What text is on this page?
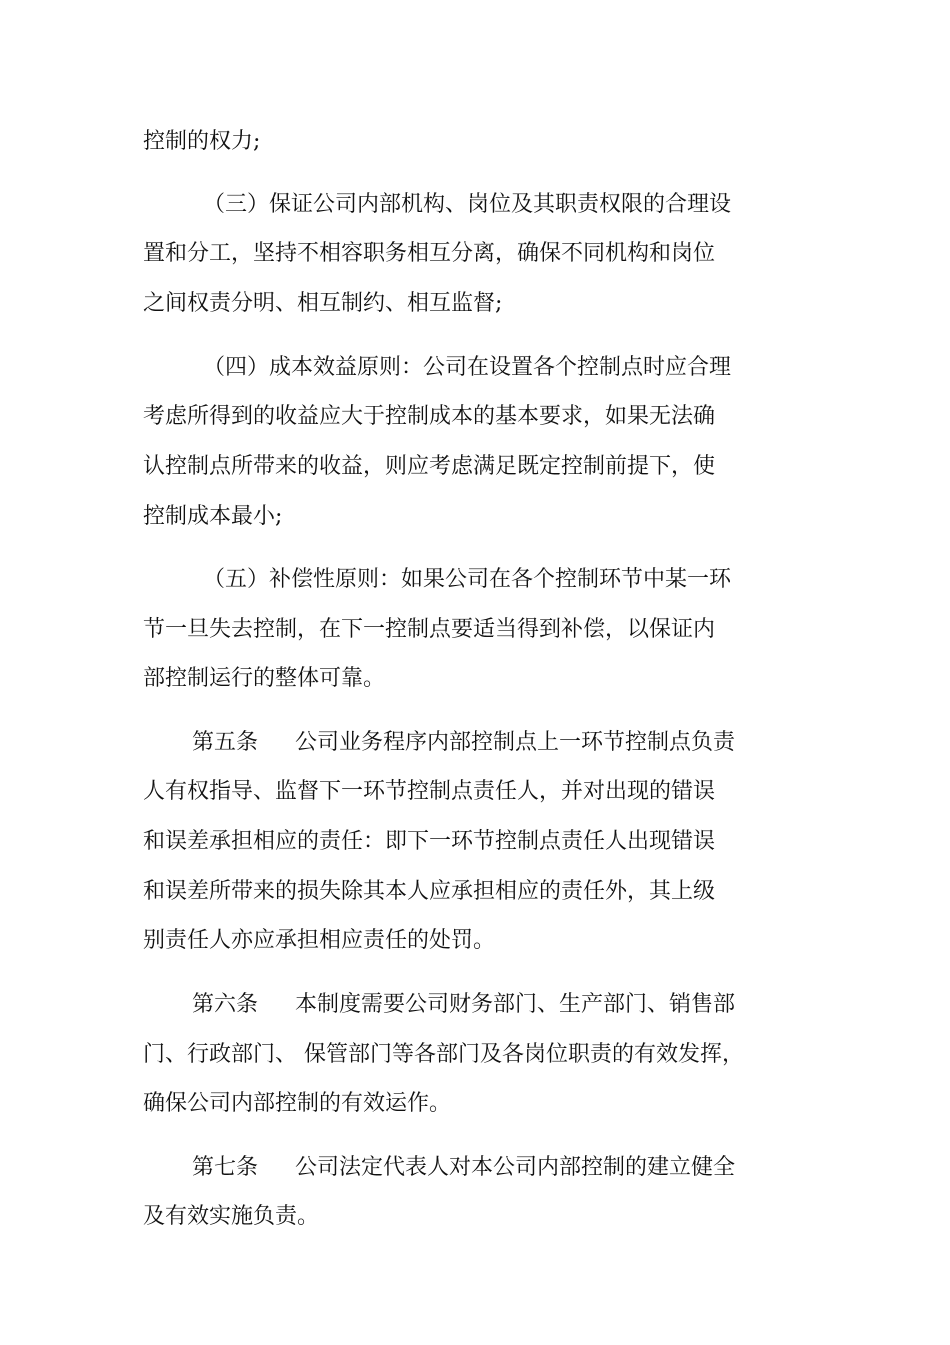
控制的权力;
（三）保证公司内部机构、岗位及其职责权限的合理设
置和分工，坚持不相容职务相互分离，确保不同机构和岗位
之间权责分明、相互制约、相互监督;
（四）成本效益原则：公司在设置各个控制点时应合理
考虑所得到的收益应大于控制成本的基本要求，如果无法确
认控制点所带来的收益，则应考虑满足既定控制前提下，使
控制成本最小;
（五）补偿性原则：如果公司在各个控制环节中某一环
节一旦失去控制，在下一控制点要适当得到补偿，以保证内
部控制运行的整体可靠。
第五条 公司业务程序内部控制点上一环节控制点负责
人有权指导、监督下一环节控制点责任人，并对出现的错误
和误差承担相应的责任：即下一环节控制点责任人出现错误
和误差所带来的损失除其本人应承担相应的责任外，其上级
别责任人亦应承担相应责任的处罚。
第六条 本制度需要公司财务部门、生产部门、销售部
门、行政部门、 保管部门等各部门及各岗位职责的有效发挥，
确保公司内部控制的有效运作。
第七条 公司法定代表人对本公司内部控制的建立健全
及有效实施负责。
